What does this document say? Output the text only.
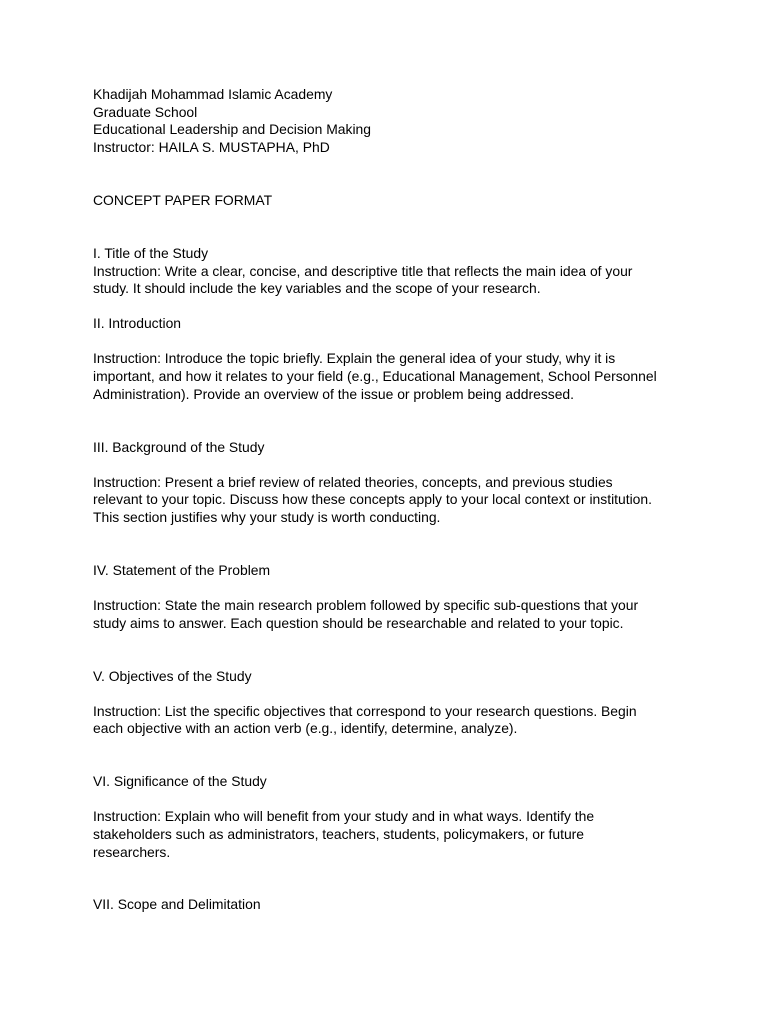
Khadijah Mohammad Islamic Academy
Graduate School
Educational Leadership and Decision Making
Instructor: HAILA S. MUSTAPHA, PhD
CONCEPT PAPER FORMAT
I. Title of the Study

Instruction: Write a clear, concise, and descriptive title that reflects the main idea of your
study. It should include the key variables and the scope of your research.

II. Introduction

Instruction: Introduce the topic briefly. Explain the general idea of your study, why it is
important, and how it relates to your field (e.g., Educational Management, School Personnel
Administration). Provide an overview of the issue or problem being addressed.

III. Background of the Study

Instruction: Present a brief review of related theories, concepts, and previous studies
relevant to your topic. Discuss how these concepts apply to your local context or institution.
This section justifies why your study is worth conducting.

IV. Statement of the Problem

Instruction: State the main research problem followed by specific sub-questions that your
study aims to answer. Each question should be researchable and related to your topic.

V. Objectives of the Study

Instruction: List the specific objectives that correspond to your research questions. Begin
each objective with an action verb (e.g., identify, determine, analyze).

VI. Significance of the Study

Instruction: Explain who will benefit from your study and in what ways. Identify the
stakeholders such as administrators, teachers, students, policymakers, or future
researchers.

VII. Scope and Delimitation
